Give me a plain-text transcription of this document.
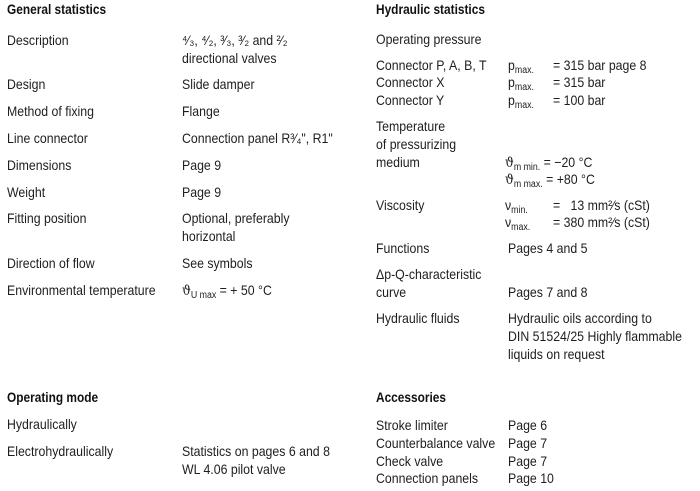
General statistics
Description	⁴⁄₃, ⁴⁄₂, ³⁄₃, ³⁄₂ and ²⁄₂
directional valves
Design	Slide damper
Method of fixing	Flange
Line connector	Connection panel R³⁄₄", R1"
Dimensions	Page 9
Weight	Page 9
Fitting position	Optional, preferably
horizontal
Direction of flow	See symbols
Environmental temperature	$ϑ_{U max}$ = + 50 °C
Operating mode
Hydraulically
Electrohydraulically	Statistics on pages 6 and 8
WL 4.06 pilot valve
Hydraulic statistics
Operating pressure
Connector P, A, B, T	$p_{max.} = 315$ bar page 8
Connector X	$p_{max.} = 315$ bar
Connector Y	$p_{max.} = 100$ bar
Temperature
of pressurizing
medium	$ϑ_{m min.} = -20$ °C
$ϑ_{m max.} = +80$ °C
Viscosity	$\nu_{min.} = 13$ mm²⁄s (cSt)
$\nu_{max.} = 380$ mm²⁄s (cSt)
Functions	Pages 4 and 5
Δp-Q-characteristic
curve	Pages 7 and 8
Hydraulic fluids	Hydraulic oils according to
DIN 51524/25 Highly flammable
liquids on request
Accessories
Stroke limiter	Page 6
Counterbalance valve Page 7
Check valve	Page 7
Connection panels	Page 10
